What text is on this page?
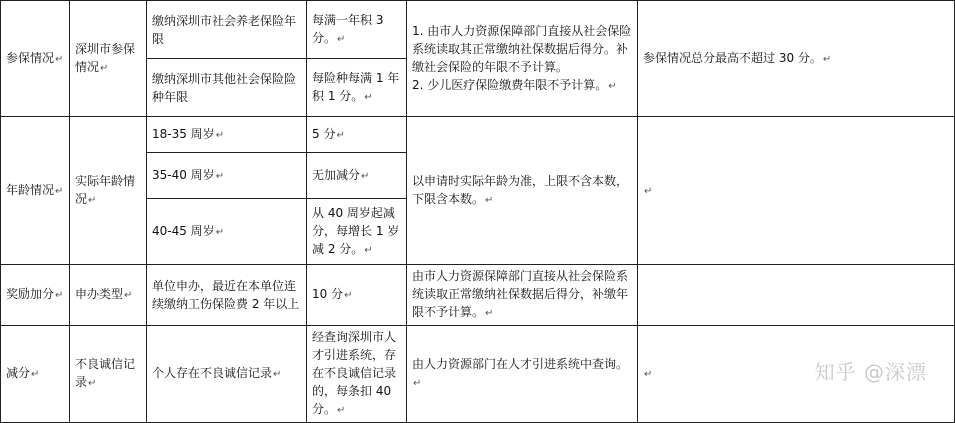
参保情况↵	深圳市参保情况↵	缴纳深圳市社会养老保险年限	每满一年积 3 分。↵	1. 由市人力资源保障部门直接从社会保险系统读取其正常缴纳社保数据后得分。补缴社会保险的年限不予计算。
2. 少儿医疗保险缴费年限不予计算。↵	参保情况总分最高不超过 30 分。↵
		缴纳深圳市其他社会保险险种年限	每险种每满 1 年积 1 分。↵		
年龄情况↵	实际年龄情况↵	18-35 周岁↵	5 分↵	以申请时实际年龄为准，上限不含本数，下限含本数。↵	↵
		35-40 周岁↵	无加减分↵		
		40-45 周岁↵	从 40 周岁起减分，每增长 1 岁减 2 分。↵		
奖励加分↵	申办类型↵	单位申办，最近在本单位连续缴纳工伤保险费 2 年以上	10 分↵	由市人力资源保障部门直接从社会保险系统读取正常缴纳社保数据后得分，补缴年限不予计算。↵	
减分↵	不良诚信记录↵	个人存在不良诚信记录↵	经查询深圳市人才引进系统，存在不良诚信记录的，每条扣 40 分。↵	由人力资源部门在人才引进系统中查询。↵	↵	知乎 @深漂
